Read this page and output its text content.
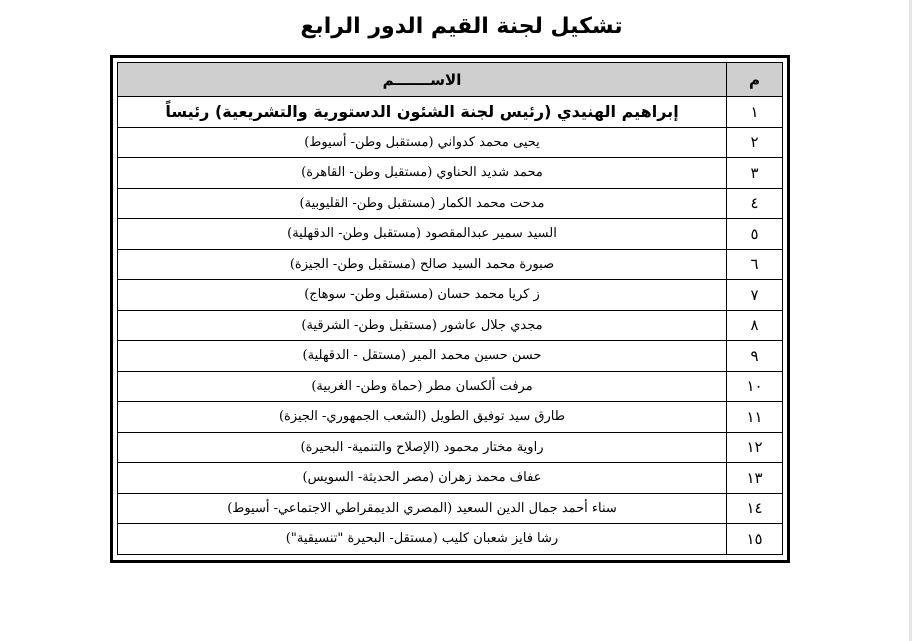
تشكيل لجنة القيم الدور الرابع
م	الاســـــــم
١	إبراهيم الهنيدي (رئيس لجنة الشئون الدستورية والتشريعية) رئيساً
٢	يحيى محمد كدواني (مستقبل وطن- أسيوط)
٣	محمد شديد الحناوي (مستقبل وطن- القاهرة)
٤	مدحت محمد الكمار (مستقبل وطن- القليوبية)
٥	السيد سمير عبدالمقصود (مستقبل وطن- الدقهلية)
٦	صبورة محمد السيد صالح (مستقبل وطن- الجيزة)
٧	ز كريا محمد حسان (مستقبل وطن- سوهاج)
٨	مجدي جلال عاشور (مستقبل وطن- الشرقية)
٩	حسن حسين محمد المير (مستقل - الدقهلية)
١٠	مرفت ألكسان مطر (حماة وطن- الغربية)
١١	طارق سيد توفيق الطويل (الشعب الجمهوري- الجيزة)
١٢	راوية مختار محمود (الإصلاح والتنمية- البحيرة)
١٣	عفاف محمد زهران (مصر الحديثة- السويس)
١٤	سناء أحمد جمال الدين السعيد (المصري الديمقراطي الاجتماعي- أسيوط)
١٥	رشا فايز شعبان كليب (مستقل- البحيرة "تنسيقية")
